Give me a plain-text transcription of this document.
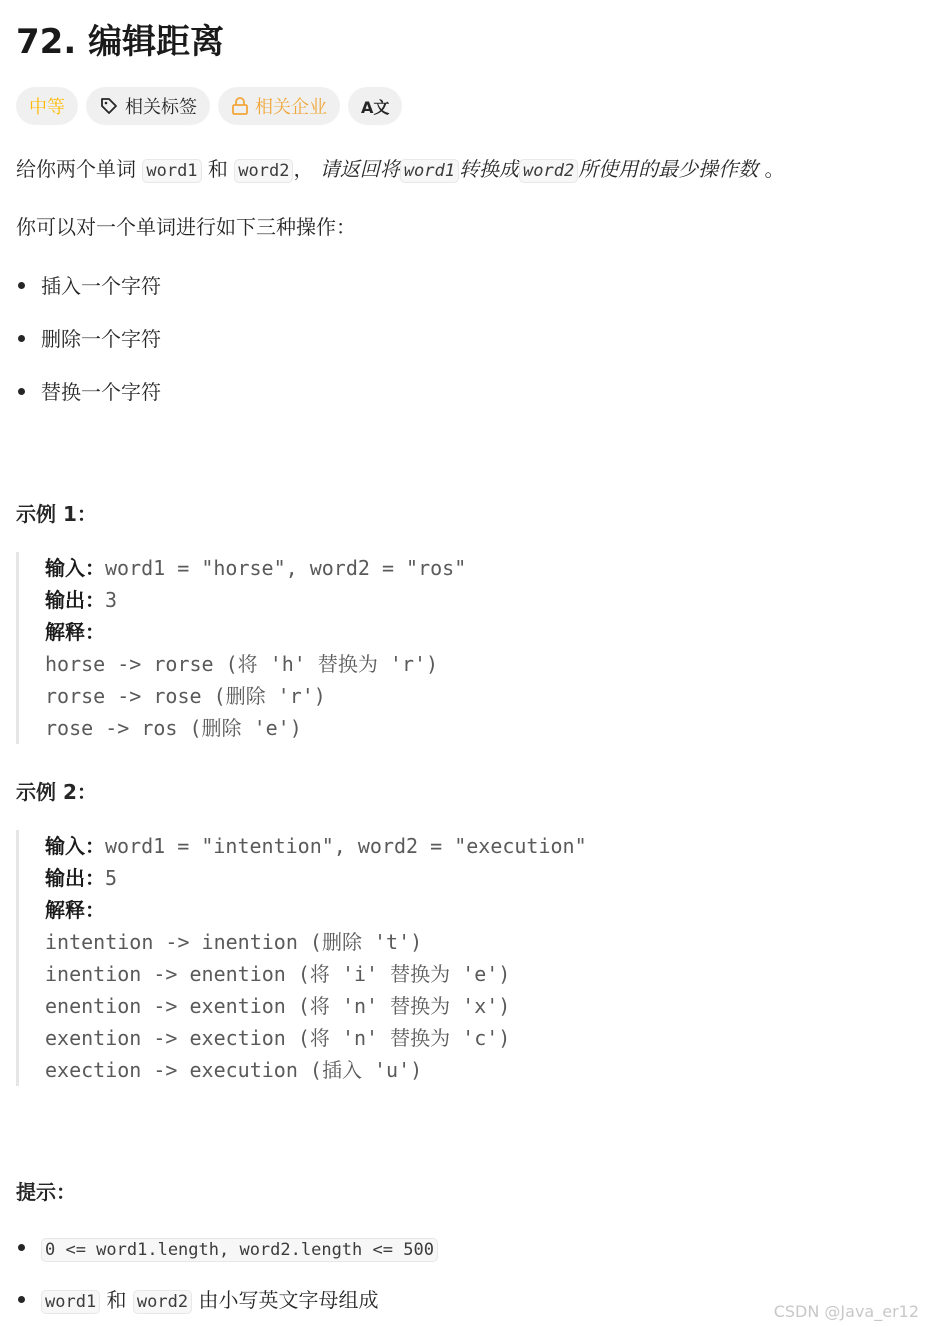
72. 编辑距离
中等	相关标签	相关企业 A文
给你两个单词 word1 和 word2 ， 请返回将 word1 转换成 word2 所使用的最少操作数 。
你可以对一个单词进行如下三种操作：
插入一个字符
删除一个字符
替换一个字符
示例 1：
输入：word1 = "horse", word2 = "ros"
输出：3
解释：
horse -> rorse (将 'h' 替换为 'r')
rorse -> rose (删除 'r')
rose -> ros (删除 'e')
示例 2：
输入：word1 = "intention", word2 = "execution"
输出：5
解释：
intention -> inention (删除 't')
inention -> enention (将 'i' 替换为 'e')
enention -> exention (将 'n' 替换为 'x')
exention -> exection (将 'n' 替换为 'c')
exection -> execution (插入 'u')
提示：
0 <= word1.length, word2.length <= 500
word1 和 word2 由小写英文字母组成	CSDN @Java_er12
